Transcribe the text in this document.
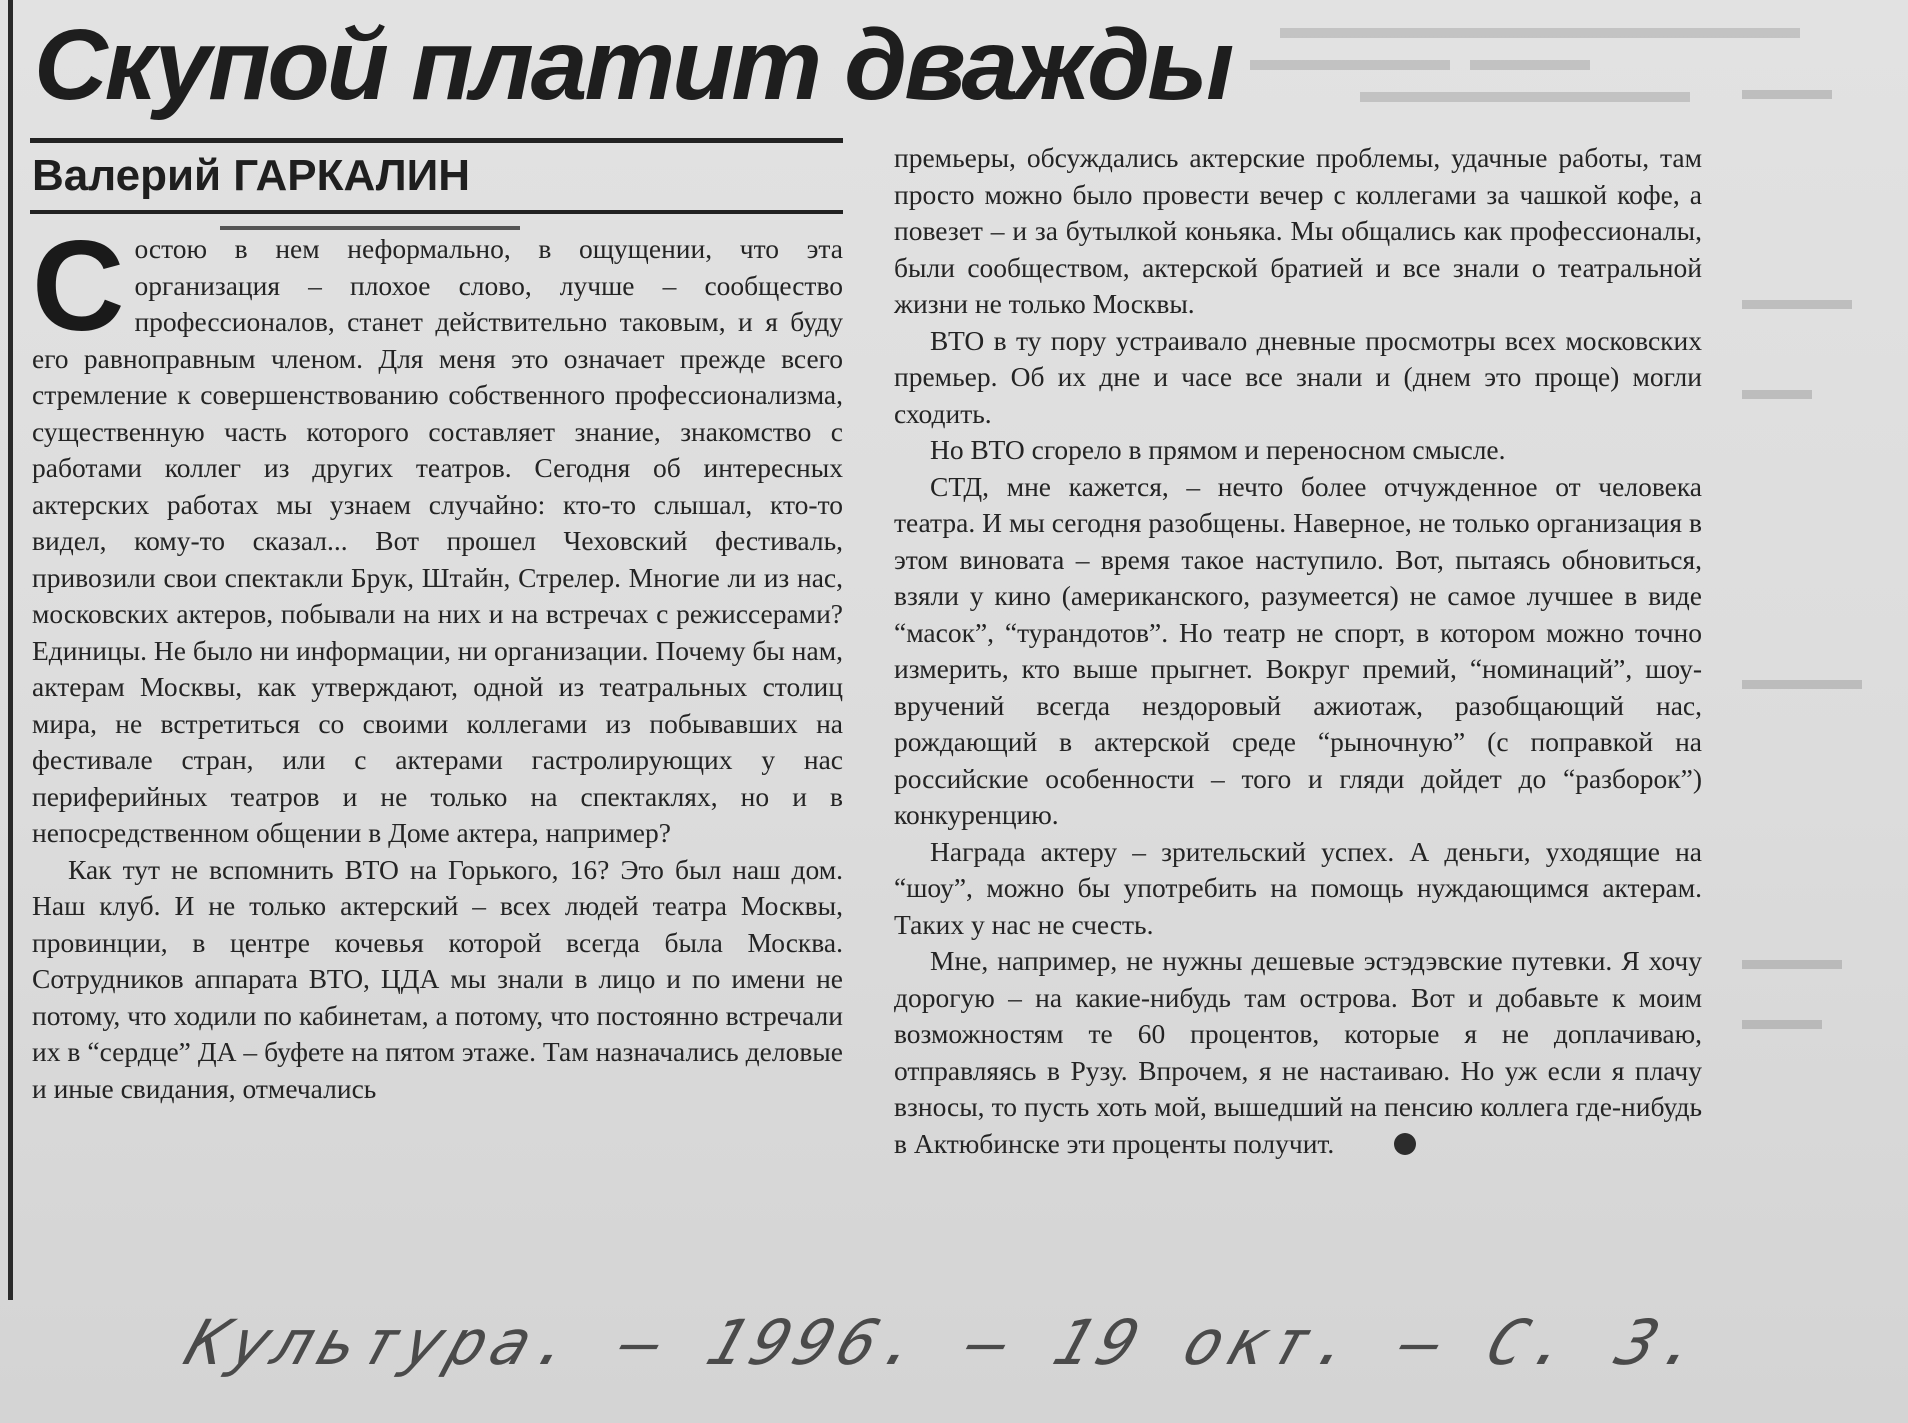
Скупой платит дважды
Валерий ГАРКАЛИН
С остою в нем неформально, в ощущении, что эта организация – плохое слово, лучше – сообщество профессионалов, станет действительно таковым, и я буду его равноправным членом. Для меня это означает прежде всего стремление к совершенствованию собственного профессионализма, существенную часть которого составляет знание, знакомство с работами коллег из других театров. Сегодня об интересных актерских работах мы узнаем случайно: кто-то слышал, кто-то видел, кому-то сказал... Вот прошел Чеховский фестиваль, привозили свои спектакли Брук, Штайн, Стрелер. Многие ли из нас, московских актеров, побывали на них и на встречах с режиссерами? Единицы. Не было ни информации, ни организации. Почему бы нам, актерам Москвы, как утверждают, одной из театральных столиц мира, не встретиться со своими коллегами из побывавших на фестивале стран, или с актерами гастролирующих у нас периферийных театров и не только на спектаклях, но и в непосредственном общении в Доме актера, например?

Как тут не вспомнить ВТО на Горького, 16? Это был наш дом. Наш клуб. И не только актерский – всех людей театра Москвы, провинции, в центре кочевья которой всегда была Москва. Сотрудников аппарата ВТО, ЦДА мы знали в лицо и по имени не потому, что ходили по кабинетам, а потому, что постоянно встречали их в “сердце” ДА – буфете на пятом этаже. Там назначались деловые и иные свидания, отмечались

премьеры, обсуждались актерские проблемы, удачные работы, там просто можно было провести вечер с коллегами за чашкой кофе, а повезет – и за бутылкой коньяка. Мы общались как профессионалы, были сообществом, актерской братией и все знали о театральной жизни не только Москвы.

ВТО в ту пору устраивало дневные просмотры всех московских премьер. Об их дне и часе все знали и (днем это проще) могли сходить.

Но ВТО сгорело в прямом и переносном смысле.

СТД, мне кажется, – нечто более отчужденное от человека театра. И мы сегодня разобщены. Наверное, не только организация в этом виновата – время такое наступило. Вот, пытаясь обновиться, взяли у кино (американского, разумеется) не самое лучшее в виде “масок”, “турандотов”. Но театр не спорт, в котором можно точно измерить, кто выше прыгнет. Вокруг премий, “номинаций”, шоу-вручений всегда нездоровый ажиотаж, разобщающий нас, рождающий в актерской среде “рыночную” (с поправкой на российские особенности – того и гляди дойдет до “разборок”) конкуренцию.

Награда актеру – зрительский успех. А деньги, уходящие на “шоу”, можно бы употребить на помощь нуждающимся актерам. Таких у нас не счесть.

Мне, например, не нужны дешевые эстэдэвские путевки. Я хочу дорогую – на какие-нибудь там острова. Вот и добавьте к моим возможностям те 60 процентов, которые я не доплачиваю, отправляясь в Рузу. Впрочем, я не настаиваю. Но уж если я плачу взносы, то пусть хоть мой, вышедший на пенсию коллега где-нибудь в Актюбинске эти проценты получит.

Культура. – 1996. – 19 окт. – С. 3.
